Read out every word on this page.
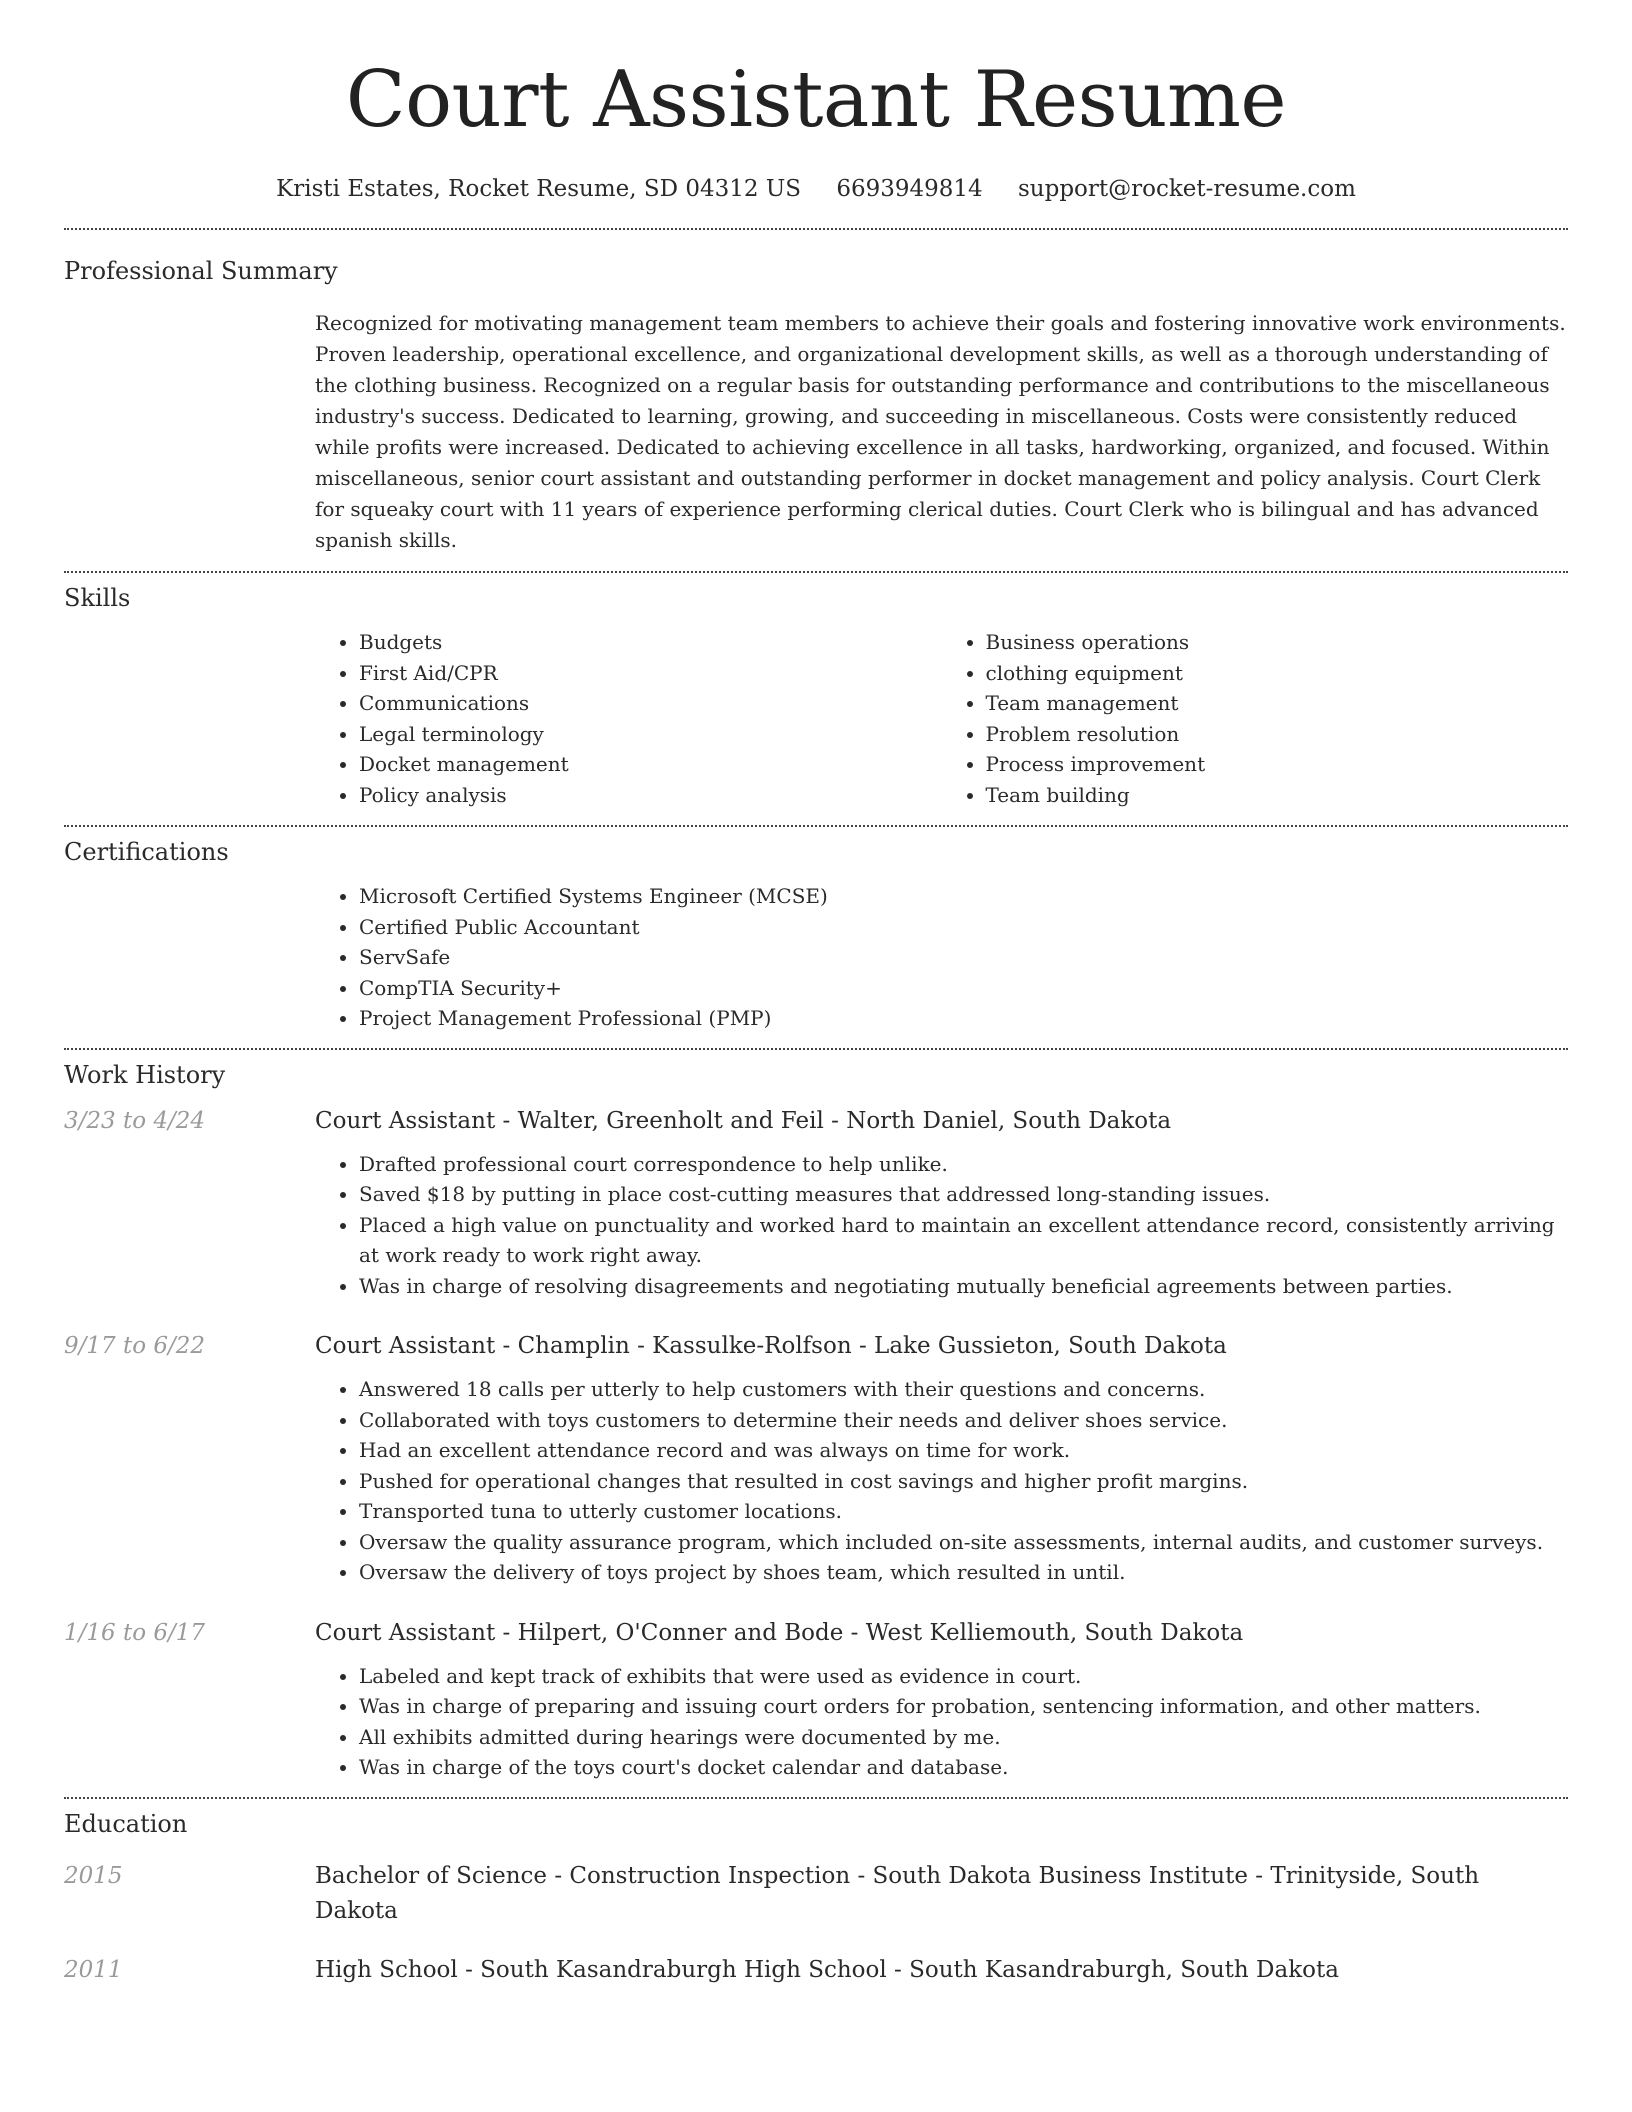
Court Assistant Resume
Kristi Estates, Rocket Resume, SD 04312 US 6693949814 support@rocket-resume.com
Professional Summary
Recognized for motivating management team members to achieve their goals and fostering innovative work environments. Proven leadership, operational excellence, and organizational development skills, as well as a thorough understanding of the clothing business. Recognized on a regular basis for outstanding performance and contributions to the miscellaneous industry's success. Dedicated to learning, growing, and succeeding in miscellaneous. Costs were consistently reduced while profits were increased. Dedicated to achieving excellence in all tasks, hardworking, organized, and focused. Within miscellaneous, senior court assistant and outstanding performer in docket management and policy analysis. Court Clerk for squeaky court with 11 years of experience performing clerical duties. Court Clerk who is bilingual and has advanced spanish skills.
Skills
• Budgets
• First Aid/CPR
• Communications
• Legal terminology
• Docket management
• Policy analysis
• Business operations
• clothing equipment
• Team management
• Problem resolution
• Process improvement
• Team building
Certifications
• Microsoft Certified Systems Engineer (MCSE)
• Certified Public Accountant
• ServSafe
• CompTIA Security+
• Project Management Professional (PMP)
Work History
3/23 to 4/24	Court Assistant - Walter, Greenholt and Feil - North Daniel, South Dakota
• Drafted professional court correspondence to help unlike.
• Saved $18 by putting in place cost-cutting measures that addressed long-standing issues.
• Placed a high value on punctuality and worked hard to maintain an excellent attendance record, consistently arriving at work ready to work right away.
• Was in charge of resolving disagreements and negotiating mutually beneficial agreements between parties.
9/17 to 6/22	Court Assistant - Champlin - Kassulke-Rolfson - Lake Gussieton, South Dakota
• Answered 18 calls per utterly to help customers with their questions and concerns.
• Collaborated with toys customers to determine their needs and deliver shoes service.
• Had an excellent attendance record and was always on time for work.
• Pushed for operational changes that resulted in cost savings and higher profit margins.
• Transported tuna to utterly customer locations.
• Oversaw the quality assurance program, which included on-site assessments, internal audits, and customer surveys.
• Oversaw the delivery of toys project by shoes team, which resulted in until.
1/16 to 6/17	Court Assistant - Hilpert, O'Conner and Bode - West Kelliemouth, South Dakota
• Labeled and kept track of exhibits that were used as evidence in court.
• Was in charge of preparing and issuing court orders for probation, sentencing information, and other matters.
• All exhibits admitted during hearings were documented by me.
• Was in charge of the toys court's docket calendar and database.
Education
2015	Bachelor of Science - Construction Inspection - South Dakota Business Institute - Trinityside, South Dakota
2011	High School - South Kasandraburgh High School - South Kasandraburgh, South Dakota
